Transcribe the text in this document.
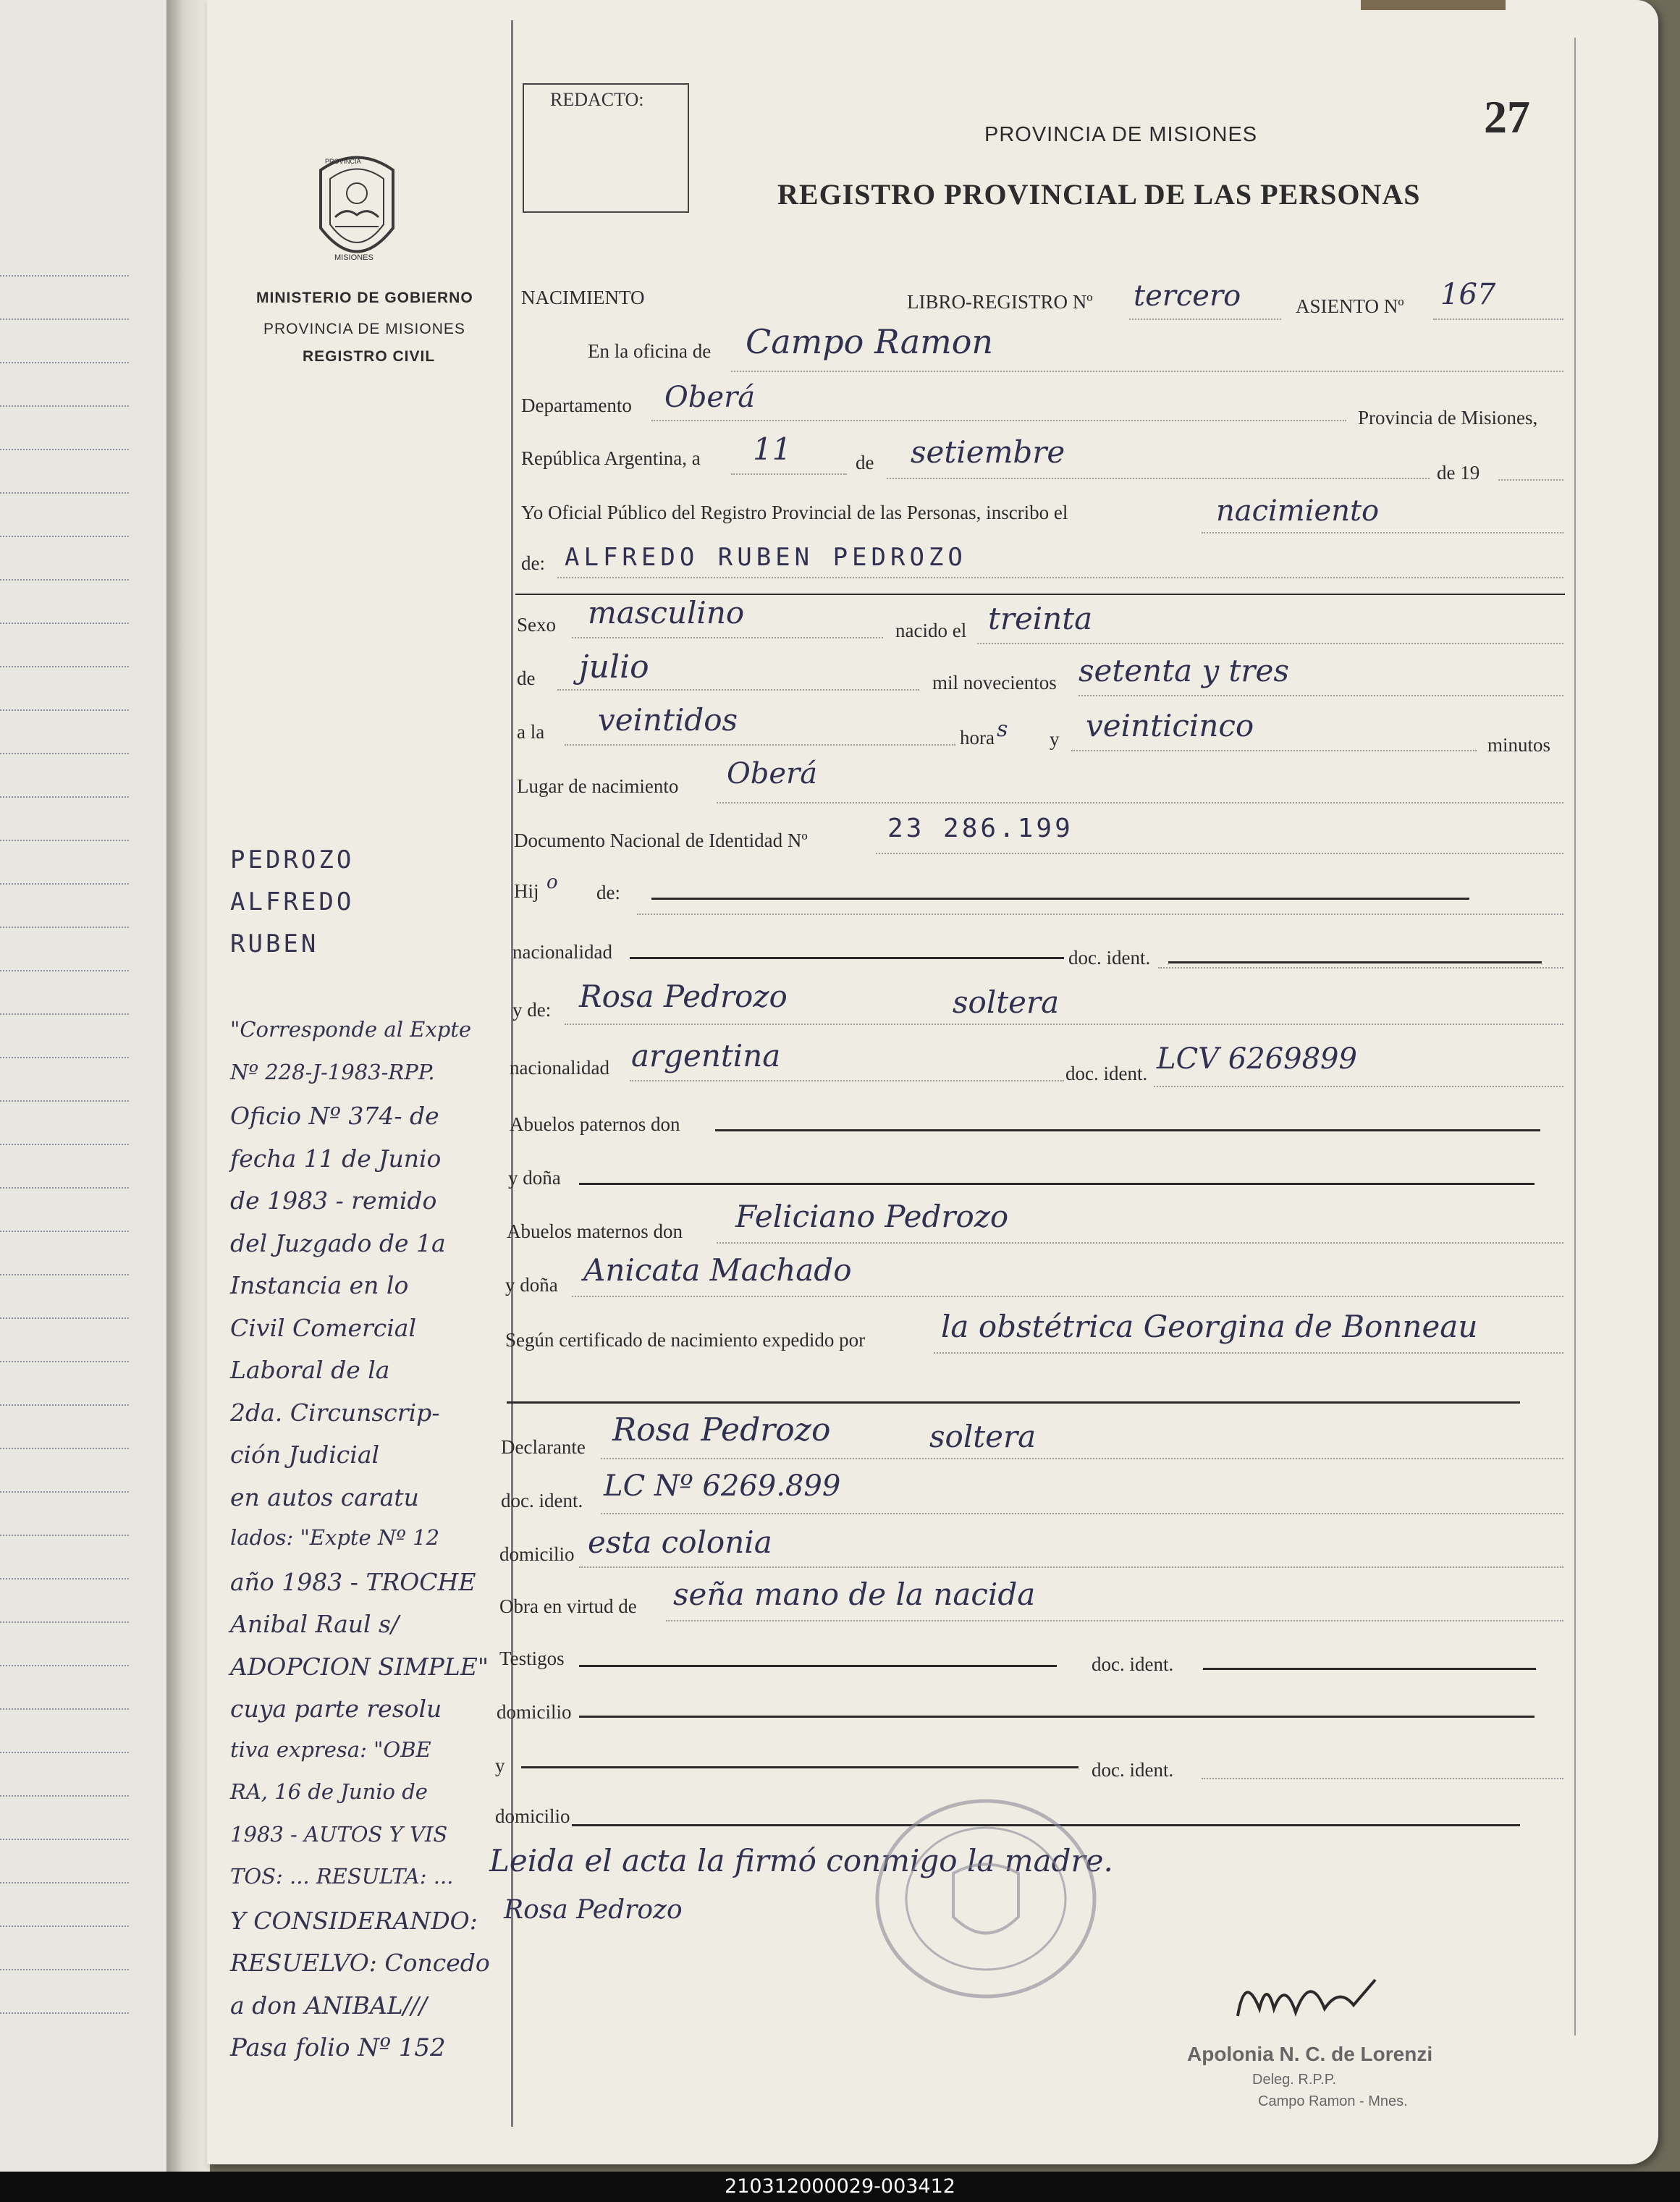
PROVINCIA
MISIONES
MINISTERIO DE GOBIERNO
PROVINCIA DE MISIONES
REGISTRO CIVIL
REDACTO:
PROVINCIA DE MISIONES
REGISTRO PROVINCIAL DE LAS PERSONAS
27
NACIMIENTO	LIBRO-REGISTRO Nº tercero	ASIENTO Nº 167
En la oficina de Campo Ramon
Departamento Oberá
Provincia de Misiones,
República Argentina, a 11	de setiembre
de 19
Yo Oficial Público del Registro Provincial de las Personas, inscribo el	nacimiento
de: ALFREDO RUBEN PEDROZO
Sexo masculino	nacido el treinta
de julio	mil novecientos setenta y tres
a la veintidos	hora s y veinticinco
minutos
Lugar de nacimiento Oberá
Documento Nacional de Identidad Nº	23 286.199
Hij o de:
nacionalidad	doc. ident.
y de: Rosa Pedrozo	soltera
nacionalidad argentina	doc. ident. LCV 6269899
Abuelos paternos don
y doña
Abuelos maternos don Feliciano Pedrozo
y doña Anicata Machado
Según certificado de nacimiento expedido por la obstétrica Georgina de Bonneau
Declarante Rosa Pedrozo	soltera
doc. ident. LC Nº 6269.899
domicilio esta colonia
Obra en virtud de seña mano de la nacida
Testigos	doc. ident.
domicilio
y	doc. ident.
domicilio
Leida el acta la firmó conmigo la madre.
Rosa Pedrozo
Apolonia N. C. de Lorenzi
Deleg. R.P.P.
Campo Ramon - Mnes.
PEDROZO
ALFREDO
RUBEN
"Corresponde al Expte
Nº 228-J-1983-RPP.
Oficio Nº 374- de
fecha 11 de Junio
de 1983 - remido
del Juzgado de 1a
Instancia en lo
Civil Comercial
Laboral de la
2da. Circunscrip-
ción Judicial
en autos caratu
lados: "Expte Nº 12
año 1983 - TROCHE
Anibal Raul s/
ADOPCION SIMPLE"
cuya parte resolu
tiva expresa: "OBE
RA, 16 de Junio de
1983 - AUTOS Y VIS
TOS: ... RESULTA: ...
Y CONSIDERANDO:
RESUELVO: Concedo
a don ANIBAL///
Pasa folio Nº 152
210312000029-003412
